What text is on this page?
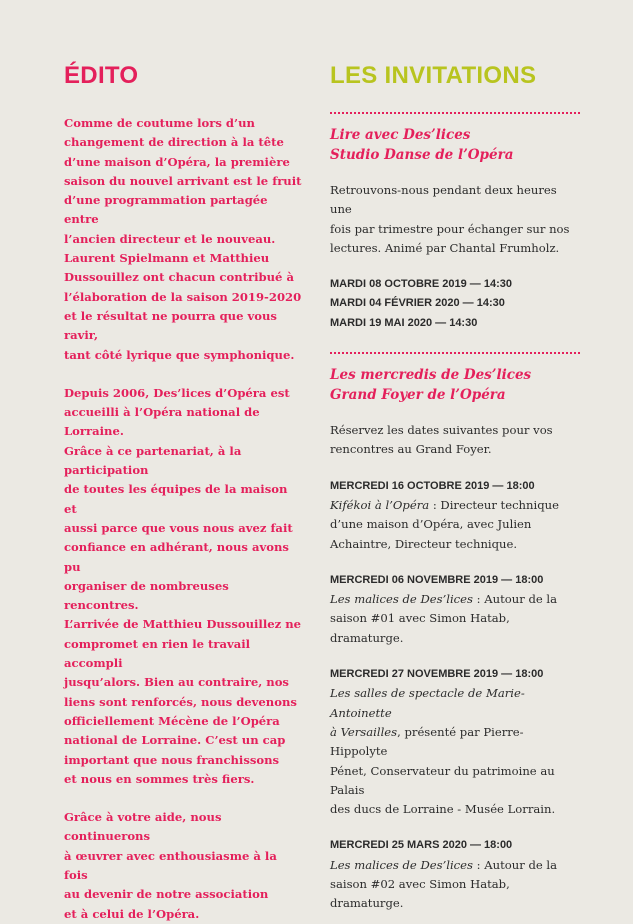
ÉDITO

Comme de coutume lors d’un
changement de direction à la tête
d’une maison d’Opéra, la première
saison du nouvel arrivant est le fruit
d’une programmation partagée entre
l’ancien directeur et le nouveau.
Laurent Spielmann et Matthieu
Dussouillez ont chacun contribué à
l’élaboration de la saison 2019-2020
et le résultat ne pourra que vous ravir,
tant côté lyrique que symphonique.

Depuis 2006, Des’lices d’Opéra est
accueilli à l’Opéra national de Lorraine.
Grâce à ce partenariat, à la participation
de toutes les équipes de la maison et
aussi parce que vous nous avez fait
confiance en adhérant, nous avons pu
organiser de nombreuses rencontres.
L’arrivée de Matthieu Dussouillez ne
compromet en rien le travail accompli
jusqu’alors. Bien au contraire, nos
liens sont renforcés, nous devenons
officiellement Mécène de l’Opéra
national de Lorraine. C’est un cap
important que nous franchissons
et nous en sommes très fiers.

Grâce à votre aide, nous continuerons
à œuvrer avec enthousiasme à la fois
au devenir de notre association
et à celui de l’Opéra.

LES INVITATIONS

Lire avec Des’lices
Studio Danse de l’Opéra

Retrouvons-nous pendant deux heures une
fois par trimestre pour échanger sur nos
lectures. Animé par Chantal Frumholz.

MARDI 08 OCTOBRE 2019 — 14:30

MARDI 04 FÉVRIER 2020 — 14:30

MARDI 19 MAI 2020 — 14:30

Les mercredis de Des’lices
Grand Foyer de l’Opéra

Réservez les dates suivantes pour vos
rencontres au Grand Foyer.

MERCREDI 16 OCTOBRE 2019 — 18:00

Kifékoi à l’Opéra : Directeur technique
d’une maison d’Opéra, avec Julien
Achaintre, Directeur technique.

MERCREDI 06 NOVEMBRE 2019 — 18:00

Les malices de Des’lices : Autour de la
saison #01 avec Simon Hatab, dramaturge.

MERCREDI 27 NOVEMBRE 2019 — 18:00

Les salles de spectacle de Marie-Antoinette
à Versailles, présenté par Pierre-Hippolyte
Pénet, Conservateur du patrimoine au Palais
des ducs de Lorraine - Musée Lorrain.

MERCREDI 25 MARS 2020 — 18:00

Les malices de Des’lices : Autour de la
saison #02 avec Simon Hatab, dramaturge.
